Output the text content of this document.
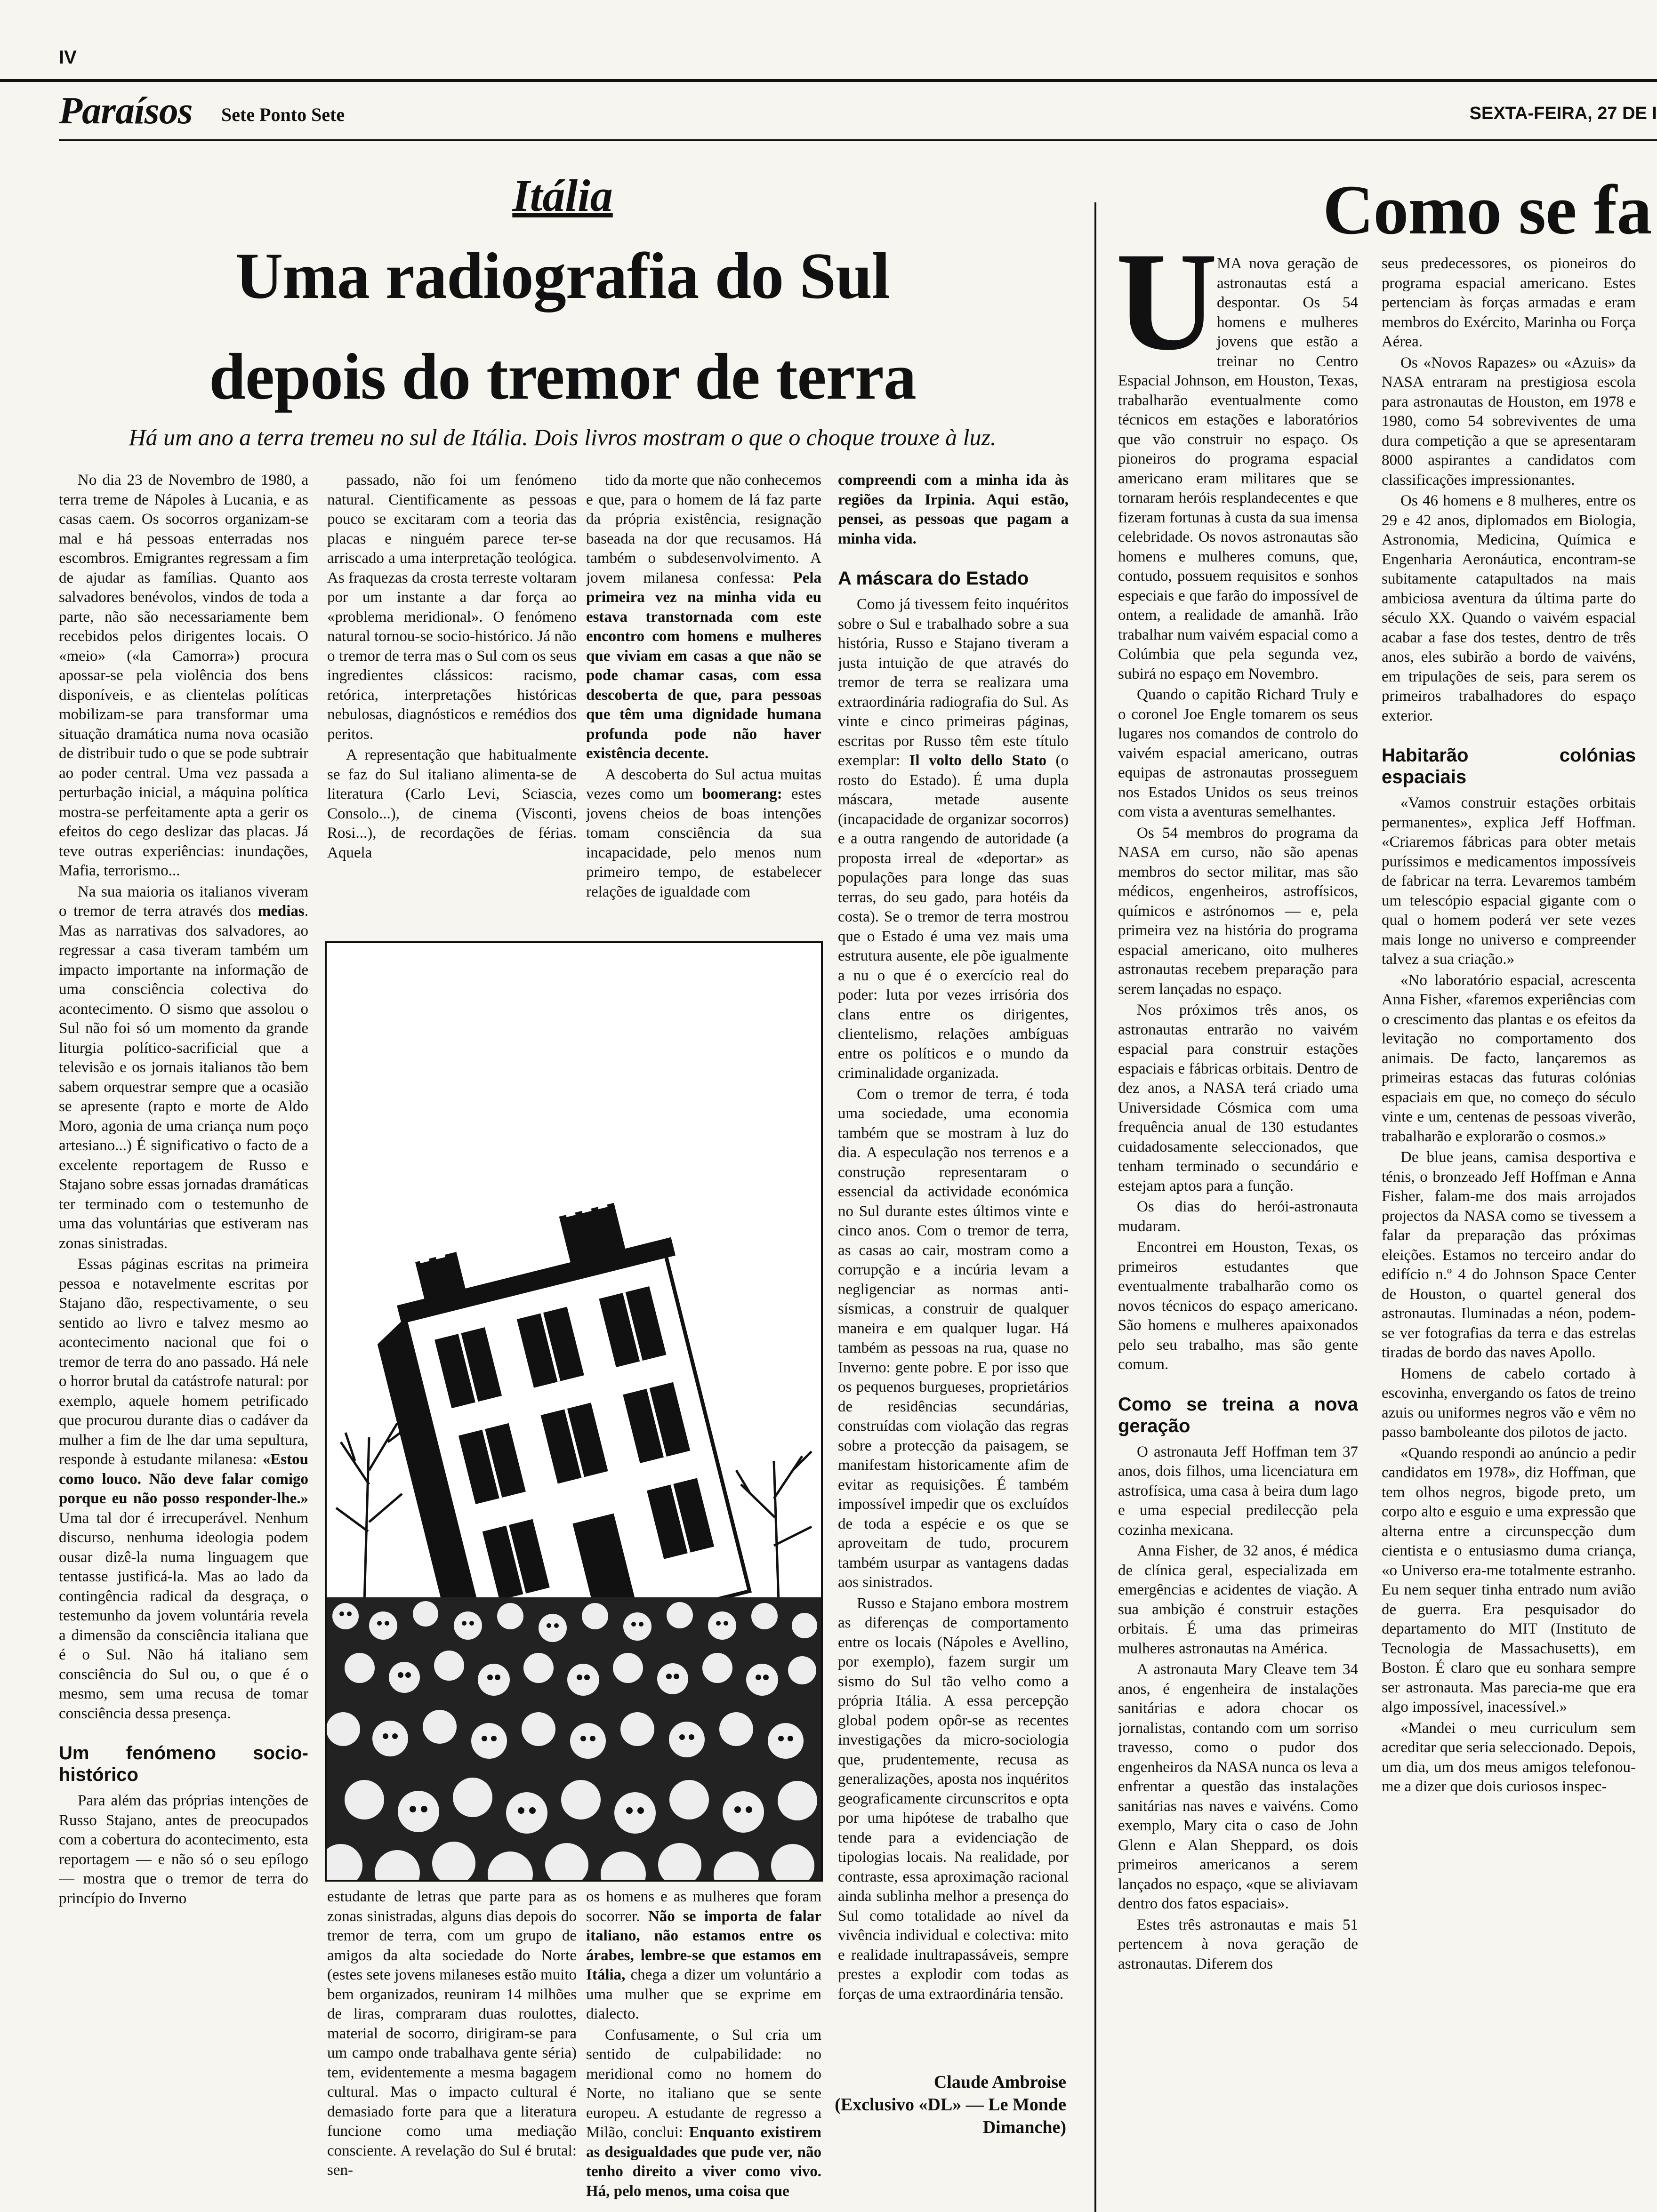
IV
Paraísos Sete Ponto Sete	SEXTA-FEIRA, 27 DE I
Itália
Uma radiografia do Sul
depois do tremor de terra
Há um ano a terra tremeu no sul de Itália. Dois livros mostram o que o choque trouxe à luz.

No dia 23 de Novembro de 1980, a terra treme de Nápoles à Lucania, e as casas caem. Os socorros organizam-se mal e há pessoas enterradas nos escombros. Emigrantes regressam a fim de ajudar as famílias. Quanto aos salvadores benévolos, vindos de toda a parte, não são necessariamente bem recebidos pelos dirigentes locais. O «meio» («la Camorra») procura apossar-se pela violência dos bens disponíveis, e as clientelas políticas mobilizam-se para transformar uma situação dramática numa nova ocasião de distribuir tudo o que se pode subtrair ao poder central. Uma vez passada a perturbação inicial, a máquina política mostra-se perfeitamente apta a gerir os efeitos do cego deslizar das placas. Já teve outras experiências: inundações, Mafia, terrorismo...

Na sua maioria os italianos viveram o tremor de terra através dos medias. Mas as narrativas dos salvadores, ao regressar a casa tiveram também um impacto importante na informação de uma consciência colectiva do acontecimento. O sismo que assolou o Sul não foi só um momento da grande liturgia político-sacrificial que a televisão e os jornais italianos tão bem sabem orquestrar sempre que a ocasião se apresente (rapto e morte de Aldo Moro, agonia de uma criança num poço artesiano...) É significativo o facto de a excelente reportagem de Russo e Stajano sobre essas jornadas dramáticas ter terminado com o testemunho de uma das voluntárias que estiveram nas zonas sinistradas.

Essas páginas escritas na primeira pessoa e notavelmente escritas por Stajano dão, respectivamente, o seu sentido ao livro e talvez mesmo ao acontecimento nacional que foi o tremor de terra do ano passado. Há nele o horror brutal da catástrofe natural: por exemplo, aquele homem petrificado que procurou durante dias o cadáver da mulher a fim de lhe dar uma sepultura, responde à estudante milanesa: «Estou como louco. Não deve falar comigo porque eu não posso responder-lhe.» Uma tal dor é irrecuperável. Nenhum discurso, nenhuma ideologia podem ousar dizê-la numa linguagem que tentasse justificá-la. Mas ao lado da contingência radical da desgraça, o testemunho da jovem voluntária revela a dimensão da consciência italiana que é o Sul. Não há italiano sem consciência do Sul ou, o que é o mesmo, sem uma recusa de tomar consciência dessa presença.

Um fenómeno socio-histórico

Para além das próprias intenções de Russo Stajano, antes de preocupados com a cobertura do acontecimento, esta reportagem — e não só o seu epílogo — mostra que o tremor de terra do princípio do Inverno

passado, não foi um fenómeno natural. Cientificamente as pessoas pouco se excitaram com a teoria das placas e ninguém parece ter-se arriscado a uma interpretação teológica. As fraquezas da crosta terreste voltaram por um instante a dar força ao «problema meridional». O fenómeno natural tornou-se socio-histórico. Já não o tremor de terra mas o Sul com os seus ingredientes clássicos: racismo, retórica, interpretações históricas nebulosas, diagnósticos e remédios dos peritos.

A representação que habitualmente se faz do Sul italiano alimenta-se de literatura (Carlo Levi, Sciascia, Consolo...), de cinema (Visconti, Rosi...), de recordações de férias. Aquela

tido da morte que não conhecemos e que, para o homem de lá faz parte da própria existência, resignação baseada na dor que recusamos. Há também o subdesenvolvimento. A jovem milanesa confessa: Pela primeira vez na minha vida eu estava transtornada com este encontro com homens e mulheres que viviam em casas a que não se pode chamar casas, com essa descoberta de que, para pessoas que têm uma dignidade humana profunda pode não haver existência decente.

A descoberta do Sul actua muitas vezes como um boomerang: estes jovens cheios de boas intenções tomam consciência da sua incapacidade, pelo menos num primeiro tempo, de estabelecer relações de igualdade com

compreendi com a minha ida às regiões da Irpinia. Aqui estão, pensei, as pessoas que pagam a minha vida.

A máscara do Estado

Como já tivessem feito inquéritos sobre o Sul e trabalhado sobre a sua história, Russo e Stajano tiveram a justa intuição de que através do tremor de terra se realizara uma extraordinária radiografia do Sul. As vinte e cinco primeiras páginas, escritas por Russo têm este título exemplar: Il volto dello Stato (o rosto do Estado). É uma dupla máscara, metade ausente (incapacidade de organizar socorros) e a outra rangendo de autoridade (a proposta irreal de «deportar» as populações para longe das suas terras, do seu gado, para hotéis da costa). Se o tremor de terra mostrou que o Estado é uma vez mais uma estrutura ausente, ele põe igualmente a nu o que é o exercício real do poder: luta por vezes irrisória dos clans entre os dirigentes, clientelismo, relações ambíguas entre os políticos e o mundo da criminalidade organizada.

Com o tremor de terra, é toda uma sociedade, uma economia também que se mostram à luz do dia. A especulação nos terrenos e a construção representaram o essencial da actividade económica no Sul durante estes últimos vinte e cinco anos. Com o tremor de terra, as casas ao cair, mostram como a corrupção e a incúria levam a negligenciar as normas anti-sísmicas, a construir de qualquer maneira e em qualquer lugar. Há também as pessoas na rua, quase no Inverno: gente pobre. E por isso que os pequenos burgueses, proprietários de residências secundárias, construídas com violação das regras sobre a protecção da paisagem, se manifestam historicamente afim de evitar as requisições. É também impossível impedir que os excluídos de toda a espécie e os que se aproveitam de tudo, procurem também usurpar as vantagens dadas aos sinistrados.

Russo e Stajano embora mostrem as diferenças de comportamento entre os locais (Nápoles e Avellino, por exemplo), fazem surgir um sismo do Sul tão velho como a própria Itália. A essa percepção global podem opôr-se as recentes investigações da micro-sociologia que, prudentemente, recusa as generalizações, aposta nos inquéritos geograficamente circunscritos e opta por uma hipótese de trabalho que tende para a evidenciação de tipologias locais. Na realidade, por contraste, essa aproximação racional ainda sublinha melhor a presença do Sul como totalidade ao nível da vivência individual e colectiva: mito e realidade inultrapassáveis, sempre prestes a explodir com todas as forças de uma extraordinária tensão.

estudante de letras que parte para as zonas sinistradas, alguns dias depois do tremor de terra, com um grupo de amigos da alta sociedade do Norte (estes sete jovens milaneses estão muito bem organizados, reuniram 14 milhões de liras, compraram duas roulottes, material de socorro, dirigiram-se para um campo onde trabalhava gente séria) tem, evidentemente a mesma bagagem cultural. Mas o impacto cultural é demasiado forte para que a literatura funcione como uma mediação consciente. A revelação do Sul é brutal: sen-

os homens e as mulheres que foram socorrer. Não se importa de falar italiano, não estamos entre os árabes, lembre-se que estamos em Itália, chega a dizer um voluntário a uma mulher que se exprime em dialecto.

Confusamente, o Sul cria um sentido de culpabilidade: no meridional como no homem do Norte, no italiano que se sente europeu. A estudante de regresso a Milão, conclui: Enquanto existirem as desigualdades que pude ver, não tenho direito a viver como vivo. Há, pelo menos, uma coisa que

Claude Ambroise
(Exclusivo «DL» — Le Monde
Dimanche)
Como se fa
U

MA nova geração de astronautas está a despontar. Os 54 homens e mulheres jovens que estão a treinar no Centro Espacial Johnson, em Houston, Texas, trabalharão eventualmente como técnicos em estações e laboratórios que vão construir no espaço. Os pioneiros do programa espacial americano eram militares que se tornaram heróis resplandecentes e que fizeram fortunas à custa da sua imensa celebridade. Os novos astronautas são homens e mulheres comuns, que, contudo, possuem requisitos e sonhos especiais e que farão do impossível de ontem, a realidade de amanhã. Irão trabalhar num vaivém espacial como a Colúmbia que pela segunda vez, subirá no espaço em Novembro.

Quando o capitão Richard Truly e o coronel Joe Engle tomarem os seus lugares nos comandos de controlo do vaivém espacial americano, outras equipas de astronautas prosseguem nos Estados Unidos os seus treinos com vista a aventuras semelhantes.

Os 54 membros do programa da NASA em curso, não são apenas membros do sector militar, mas são médicos, engenheiros, astrofísicos, químicos e astrónomos — e, pela primeira vez na história do programa espacial americano, oito mulheres astronautas recebem preparação para serem lançadas no espaço.

Nos próximos três anos, os astronautas entrarão no vaivém espacial para construir estações espaciais e fábricas orbitais. Dentro de dez anos, a NASA terá criado uma Universidade Cósmica com uma frequência anual de 130 estudantes cuidadosamente seleccionados, que tenham terminado o secundário e estejam aptos para a função.

Os dias do herói-astronauta mudaram.

Encontrei em Houston, Texas, os primeiros estudantes que eventualmente trabalharão como os novos técnicos do espaço americano. São homens e mulheres apaixonados pelo seu trabalho, mas são gente comum.

Como se treina a nova geração

O astronauta Jeff Hoffman tem 37 anos, dois filhos, uma licenciatura em astrofísica, uma casa à beira dum lago e uma especial predilecção pela cozinha mexicana.

Anna Fisher, de 32 anos, é médica de clínica geral, especializada em emergências e acidentes de viação. A sua ambição é construir estações orbitais. É uma das primeiras mulheres astronautas na América.

A astronauta Mary Cleave tem 34 anos, é engenheira de instalações sanitárias e adora chocar os jornalistas, contando com um sorriso travesso, como o pudor dos engenheiros da NASA nunca os leva a enfrentar a questão das instalações sanitárias nas naves e vaivéns. Como exemplo, Mary cita o caso de John Glenn e Alan Sheppard, os dois primeiros americanos a serem lançados no espaço, «que se aliviavam dentro dos fatos espaciais».

Estes três astronautas e mais 51 pertencem à nova geração de astronautas. Diferem dos

seus predecessores, os pioneiros do programa espacial americano. Estes pertenciam às forças armadas e eram membros do Exército, Marinha ou Força Aérea.

Os «Novos Rapazes» ou «Azuis» da NASA entraram na prestigiosa escola para astronautas de Houston, em 1978 e 1980, como 54 sobreviventes de uma dura competição a que se apresentaram 8000 aspirantes a candidatos com classificações impressionantes.

Os 46 homens e 8 mulheres, entre os 29 e 42 anos, diplomados em Biologia, Astronomia, Medicina, Química e Engenharia Aeronáutica, encontram-se subitamente catapultados na mais ambiciosa aventura da última parte do século XX. Quando o vaivém espacial acabar a fase dos testes, dentro de três anos, eles subirão a bordo de vaivéns, em tripulações de seis, para serem os primeiros trabalhadores do espaço exterior.

Habitarão colónias espaciais

«Vamos construir estações orbitais permanentes», explica Jeff Hoffman. «Criaremos fábricas para obter metais puríssimos e medicamentos impossíveis de fabricar na terra. Levaremos também um telescópio espacial gigante com o qual o homem poderá ver sete vezes mais longe no universo e compreender talvez a sua criação.»

«No laboratório espacial, acrescenta Anna Fisher, «faremos experiências com o crescimento das plantas e os efeitos da levitação no comportamento dos animais. De facto, lançaremos as primeiras estacas das futuras colónias espaciais em que, no começo do século vinte e um, centenas de pessoas viverão, trabalharão e explorarão o cosmos.»

De blue jeans, camisa desportiva e ténis, o bronzeado Jeff Hoffman e Anna Fisher, falam-me dos mais arrojados projectos da NASA como se tivessem a falar da preparação das próximas eleições. Estamos no terceiro andar do edifício n.º 4 do Johnson Space Center de Houston, o quartel general dos astronautas. Iluminadas a néon, podem-se ver fotografias da terra e das estrelas tiradas de bordo das naves Apollo.

Homens de cabelo cortado à escovinha, envergando os fatos de treino azuis ou uniformes negros vão e vêm no passo bamboleante dos pilotos de jacto.

«Quando respondi ao anúncio a pedir candidatos em 1978», diz Hoffman, que tem olhos negros, bigode preto, um corpo alto e esguio e uma expressão que alterna entre a circunspecção dum cientista e o entusiasmo duma criança, «o Universo era-me totalmente estranho. Eu nem sequer tinha entrado num avião de guerra. Era pesquisador do departamento do MIT (Instituto de Tecnologia de Massachusetts), em Boston. É claro que eu sonhara sempre ser astronauta. Mas parecia-me que era algo impossível, inacessível.»

«Mandei o meu curriculum sem acreditar que seria seleccionado. Depois, um dia, um dos meus amigos telefonou-me a dizer que dois curiosos inspec-
